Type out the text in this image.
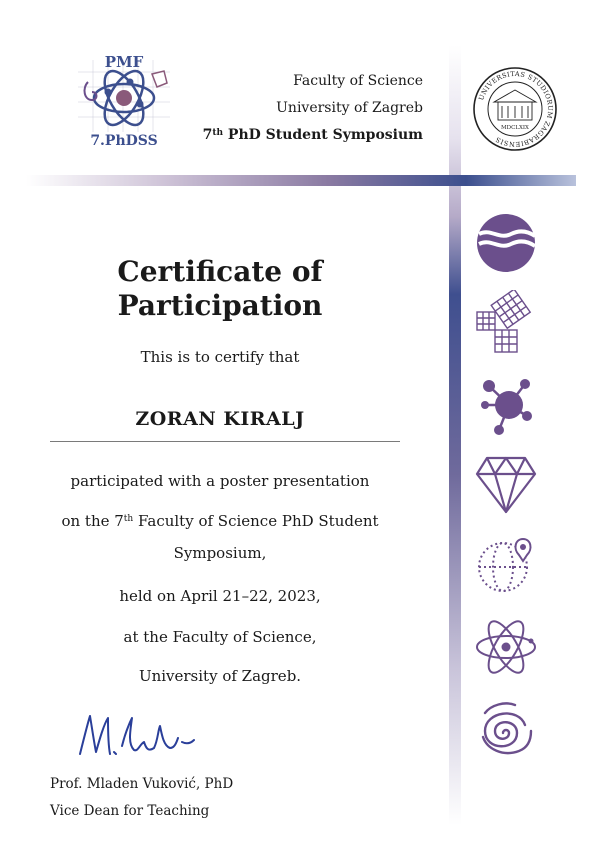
PMF
7.PhDSS
Faculty of Science
University of Zagreb
7th PhD Student Symposium
UNIVERSITAS STUDIORUM ZAGRABIENSIS
MDCLXIX
Certificate of
Participation
This is to certify that
ZORAN KIRALJ
participated with a poster presentation
on the 7th Faculty of Science PhD Student
Symposium,
held on April 21–22, 2023,
at the Faculty of Science,
University of Zagreb.
Prof. Mladen Vuković, PhD
Vice Dean for Teaching
